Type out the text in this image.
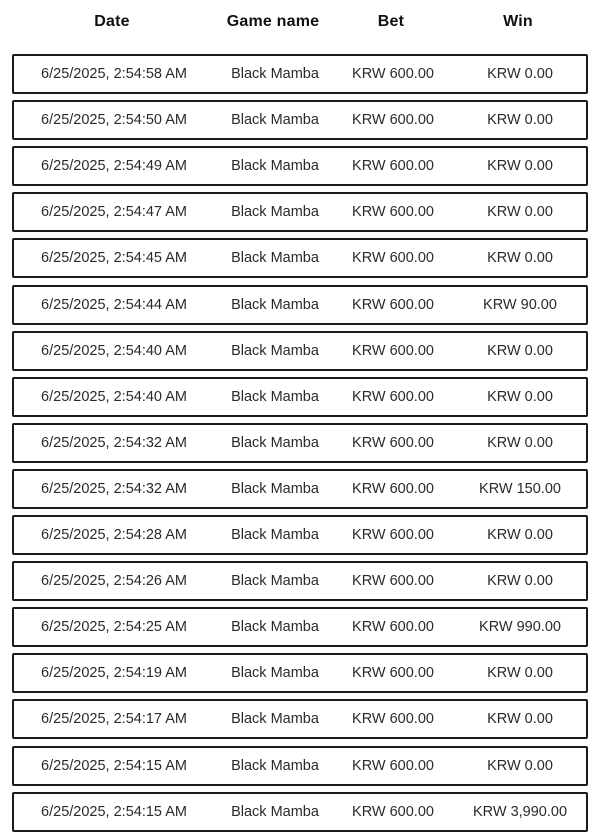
Date	Game name	Bet	Win
6/25/2025, 2:54:58 AM	Black Mamba KRW 600.00	KRW 0.00
6/25/2025, 2:54:50 AM	Black Mamba KRW 600.00	KRW 0.00
6/25/2025, 2:54:49 AM	Black Mamba KRW 600.00	KRW 0.00
6/25/2025, 2:54:47 AM	Black Mamba KRW 600.00	KRW 0.00
6/25/2025, 2:54:45 AM	Black Mamba KRW 600.00	KRW 0.00
6/25/2025, 2:54:44 AM	Black Mamba KRW 600.00	KRW 90.00
6/25/2025, 2:54:40 AM	Black Mamba KRW 600.00	KRW 0.00
6/25/2025, 2:54:40 AM	Black Mamba KRW 600.00	KRW 0.00
6/25/2025, 2:54:32 AM	Black Mamba KRW 600.00	KRW 0.00
6/25/2025, 2:54:32 AM	Black Mamba KRW 600.00	KRW 150.00
6/25/2025, 2:54:28 AM	Black Mamba KRW 600.00	KRW 0.00
6/25/2025, 2:54:26 AM	Black Mamba KRW 600.00	KRW 0.00
6/25/2025, 2:54:25 AM	Black Mamba KRW 600.00	KRW 990.00
6/25/2025, 2:54:19 AM	Black Mamba KRW 600.00	KRW 0.00
6/25/2025, 2:54:17 AM	Black Mamba KRW 600.00	KRW 0.00
6/25/2025, 2:54:15 AM	Black Mamba KRW 600.00	KRW 0.00
6/25/2025, 2:54:15 AM	Black Mamba KRW 600.00	KRW 3,990.00
